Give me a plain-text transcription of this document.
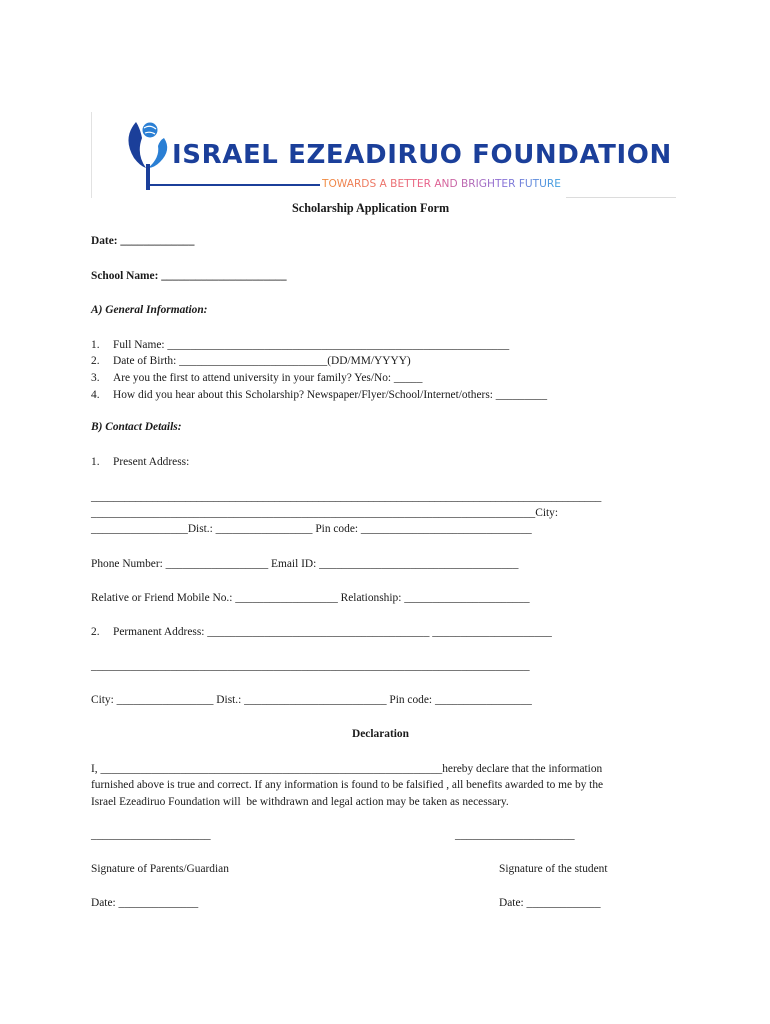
ISRAEL EZEADIRUO FOUNDATION
TOWARDS A BETTER AND BRIGHTER FUTURE
Scholarship Application Form
Date: _____________
School Name: ______________________
A) General Information:
1. Full Name: ____________________________________________________________
2. Date of Birth: __________________________(DD/MM/YYYY)
3. Are you the first to attend university in your family? Yes/No: _____
4. How did you hear about this Scholarship? Newspaper/Flyer/School/Internet/others: _________
B) Contact Details:
1. Present Address:
____________________________________________________________________________________________
______________________________________________________________________________City:
_________________Dist.: _________________ Pin code: ______________________________
Phone Number: __________________ Email ID: ___________________________________
Relative or Friend Mobile No.: __________________ Relationship: ______________________
2. Permanent Address: _______________________________________ _____________________
_____________________________________________________________________________
City: _________________ Dist.: _________________________ Pin code: _________________
Declaration
I, ____________________________________________________________hereby declare that the information
furnished above is true and correct. If any information is found to be falsified , all benefits awarded to me by the
Israel Ezeadiruo Foundation will  be withdrawn and legal action may be taken as necessary.
_____________________	_____________________
Signature of Parents/Guardian	Signature of the student
Date: ______________	Date: _____________
